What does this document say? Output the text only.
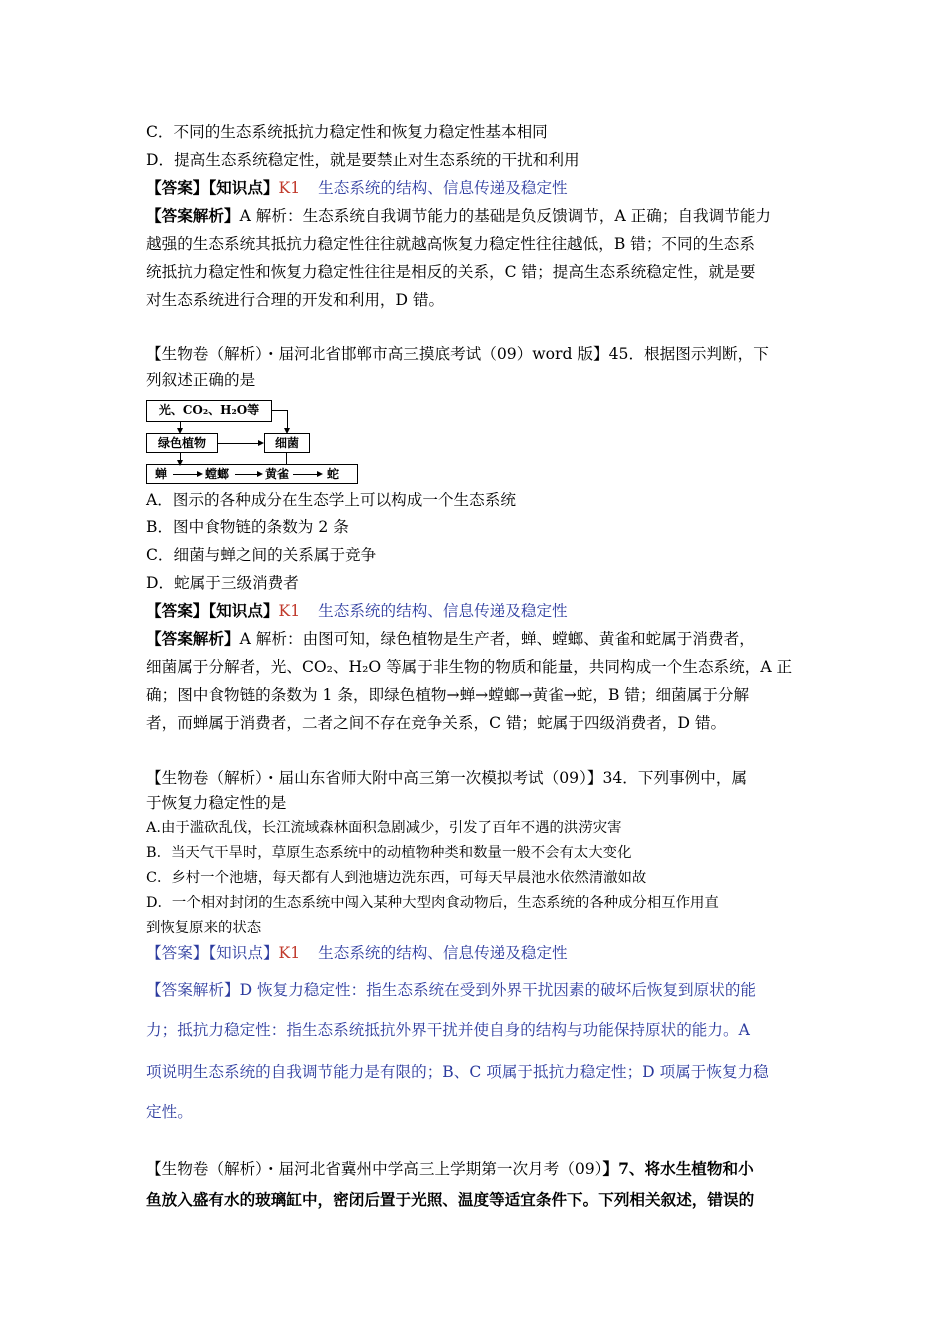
C．不同的生态系统抵抗力稳定性和恢复力稳定性基本相同
D．提高生态系统稳定性，就是要禁止对生态系统的干扰和利用
【答案】【知识点】K1 生态系统的结构、信息传递及稳定性
【答案解析】A 解析：生态系统自我调节能力的基础是负反馈调节，A 正确；自我调节能力
越强的生态系统其抵抗力稳定性往往就越高恢复力稳定性往往越低，B 错；不同的生态系
统抵抗力稳定性和恢复力稳定性往往是相反的关系，C 错；提高生态系统稳定性，就是要
对生态系统进行合理的开发和利用，D 错。
【生物卷（解析）・届河北省邯郸市高三摸底考试（09）word 版】45．根据图示判断，下
列叙述正确的是
光、CO₂、H₂O等
绿色植物	细菌
蝉	螳螂	黄雀	蛇
A．图示的各种成分在生态学上可以构成一个生态系统
B．图中食物链的条数为 2 条
C．细菌与蝉之间的关系属于竞争
D．蛇属于三级消费者
【答案】【知识点】K1 生态系统的结构、信息传递及稳定性
【答案解析】A 解析：由图可知，绿色植物是生产者，蝉、螳螂、黄雀和蛇属于消费者，
细菌属于分解者，光、CO₂、H₂O 等属于非生物的物质和能量，共同构成一个生态系统，A 正
确；图中食物链的条数为 1 条，即绿色植物→蝉→螳螂→黄雀→蛇，B 错；细菌属于分解
者，而蝉属于消费者，二者之间不存在竞争关系，C 错；蛇属于四级消费者，D 错。
【生物卷（解析）・届山东省师大附中高三第一次模拟考试（09）】34．下列事例中，属
于恢复力稳定性的是
A.由于滥砍乱伐，长江流域森林面积急剧减少，引发了百年不遇的洪涝灾害
B．当天气干旱时，草原生态系统中的动植物种类和数量一般不会有太大变化
C．乡村一个池塘，每天都有人到池塘边洗东西，可每天早晨池水依然清澈如故
D．一个相对封闭的生态系统中闯入某种大型肉食动物后，生态系统的各种成分相互作用直
到恢复原来的状态
【答案】【知识点】K1 生态系统的结构、信息传递及稳定性
【答案解析】D 恢复力稳定性：指生态系统在受到外界干扰因素的破坏后恢复到原状的能
力；抵抗力稳定性：指生态系统抵抗外界干扰并使自身的结构与功能保持原状的能力。A
项说明生态系统的自我调节能力是有限的；B、C 项属于抵抗力稳定性；D 项属于恢复力稳
定性。
【生物卷（解析）・届河北省冀州中学高三上学期第一次月考（09）】7、将水生植物和小
鱼放入盛有水的玻璃缸中，密闭后置于光照、温度等适宜条件下。下列相关叙述，错误的
